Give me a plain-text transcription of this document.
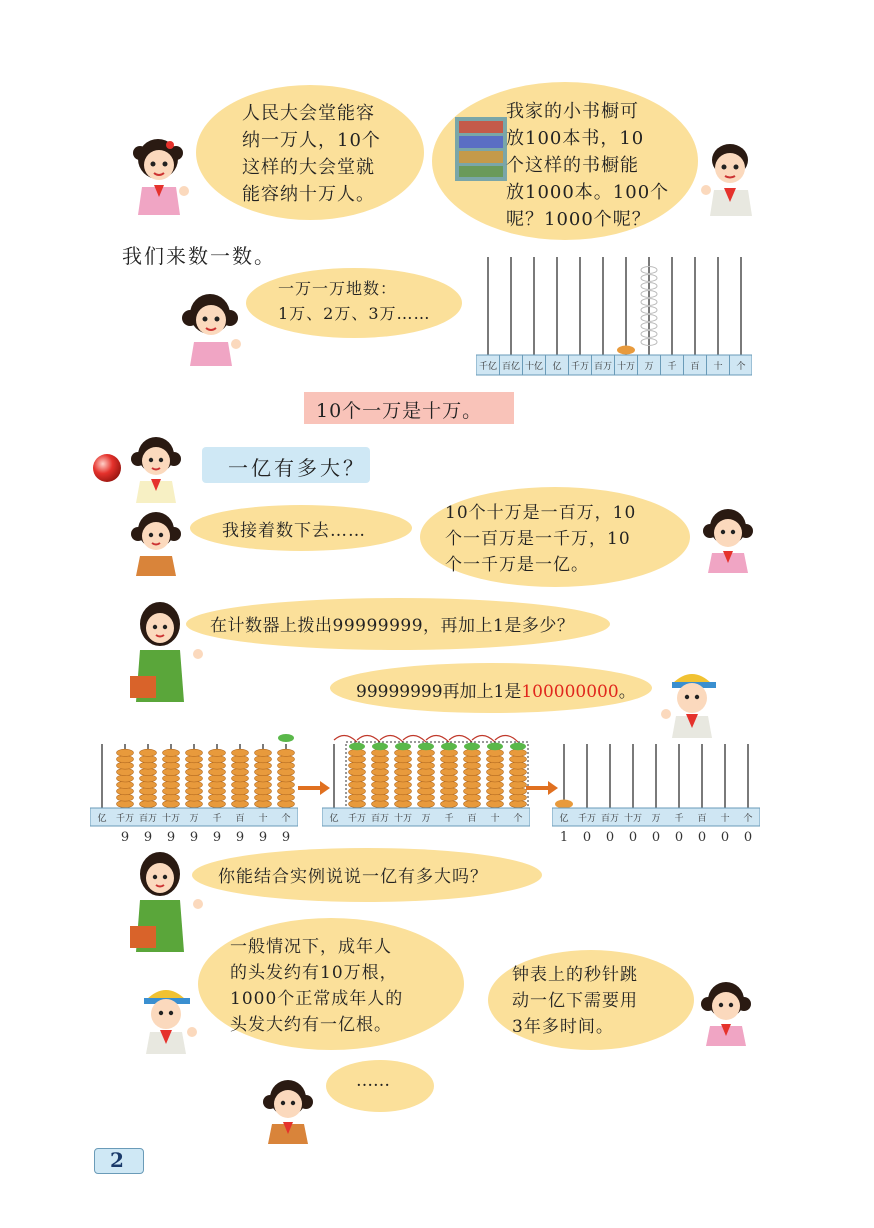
人民大会堂能容
纳一万人，10个
这样的大会堂就
能容纳十万人。
我家的小书橱可
放100本书，10
个这样的书橱能
放1000本。100个
呢？1000个呢？
我们来数一数。
一万一万地数：
1万、2万、3万……
千亿 百亿 十亿 亿 千万 百万 十万 万 千 百 十 个
10个一万是十万。
一亿有多大？
我接着数下去……
10个十万是一百万，10
个一百万是一千万，10
个一千万是一亿。
在计数器上拨出99999999，再加上1是多少？
99999999再加上1是100000000。
亿 千万 百万 十万 万 千 百 十 个
9 9 9 9 9 9 9 9
亿 千万 百万 十万 万 千 百 十 个	亿 千万 百万 十万 万 千 百 十 个
1 0 0 0 0 0 0 0 0
你能结合实例说说一亿有多大吗？
一般情况下，成年人
的头发约有10万根，
1000个正常成年人的
头发大约有一亿根。
钟表上的秒针跳
动一亿下需要用
3年多时间。
……
2
